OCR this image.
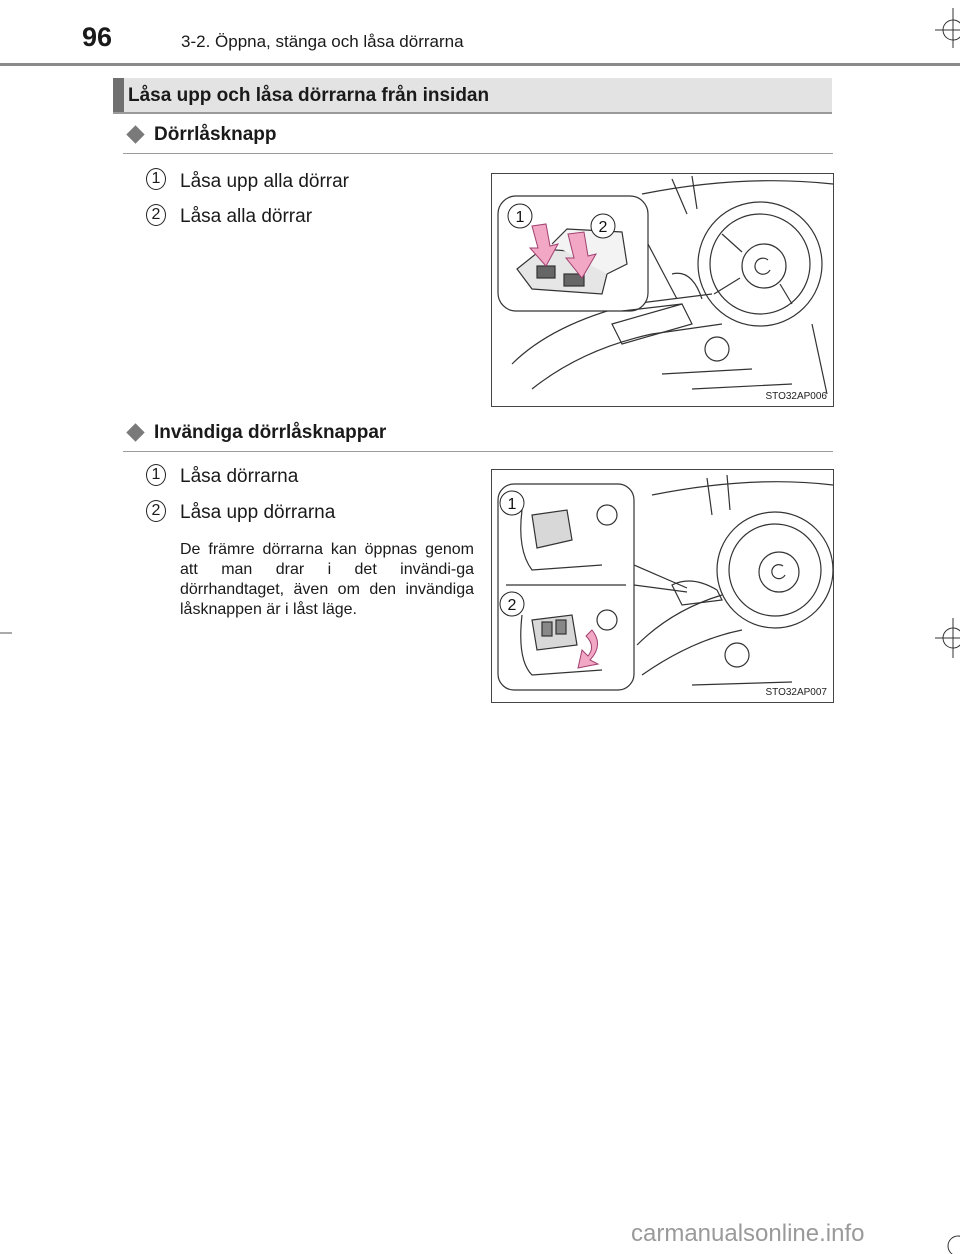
96	3-2. Öppna, stänga och låsa dörrarna
Låsa upp och låsa dörrarna från insidan
Dörrlåsknapp
1 Låsa upp alla dörrar
2 Låsa alla dörrar	1
2
STO32AP006
Invändiga dörrlåsknappar
1 Låsa dörrarna
2 Låsa upp dörrarna
De främre dörrarna kan öppnas genom att man drar i det invändi-ga dörrhandtaget, även om den invändiga låsknappen är i låst läge.
1
2
STO32AP007
carmanualsonline.info
